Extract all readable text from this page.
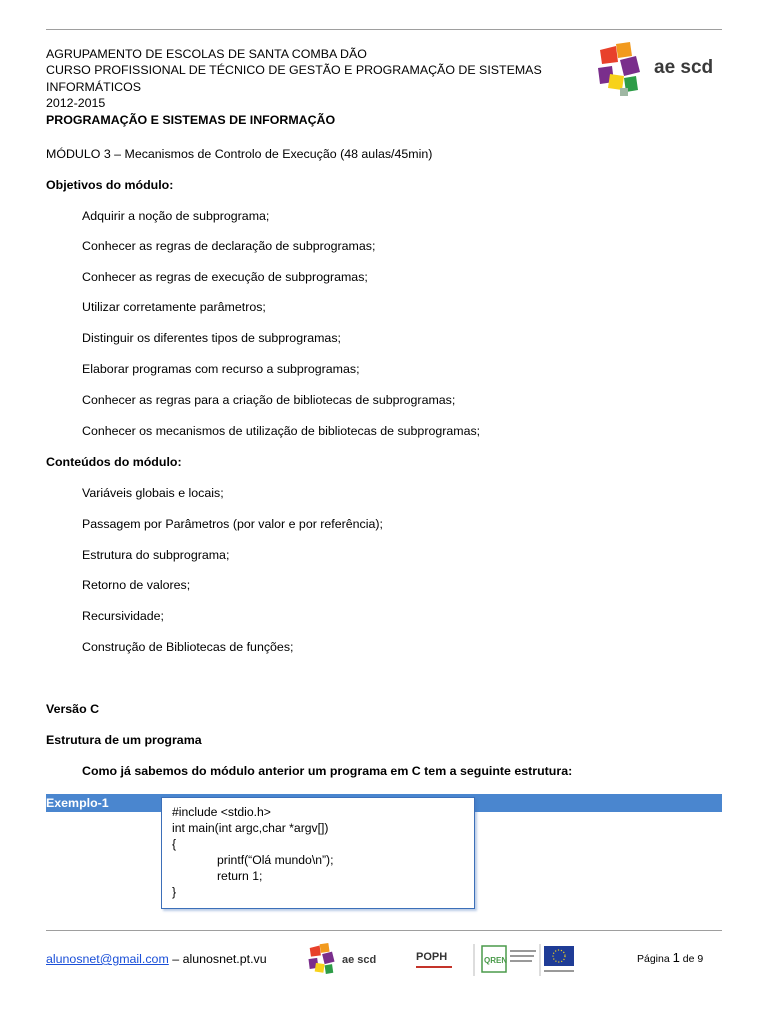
AGRUPAMENTO DE ESCOLAS DE SANTA COMBA DÃO
CURSO PROFISSIONAL DE TÉCNICO DE GESTÃO E PROGRAMAÇÃO DE SISTEMAS
INFORMÁTICOS
2012-2015
PROGRAMAÇÃO E SISTEMAS DE INFORMAÇÃO
ae scd
MÓDULO 3 – Mecanismos de Controlo de Execução (48 aulas/45min)
Objetivos do módulo:
Adquirir a noção de subprograma;
Conhecer as regras de declaração de subprogramas;
Conhecer as regras de execução de subprogramas;
Utilizar corretamente parâmetros;
Distinguir os diferentes tipos de subprogramas;
Elaborar programas com recurso a subprogramas;
Conhecer as regras para a criação de bibliotecas de subprogramas;
Conhecer os mecanismos de utilização de bibliotecas de subprogramas;
Conteúdos do módulo:
Variáveis globais e locais;
Passagem por Parâmetros (por valor e por referência);
Estrutura do subprograma;
Retorno de valores;
Recursividade;
Construção de Bibliotecas de funções;
Versão C
Estrutura de um programa
Como já sabemos do módulo anterior um programa em C tem a seguinte estrutura:
Exemplo-1
#include <stdio.h>
int main(int argc,char *argv[])
{
printf(“Olá mundo\n”);
return 1;
}
alunosnet@gmail.com – alunosnet.pt.vu	ae scd	POPH	QREN	Página 1 de 9
